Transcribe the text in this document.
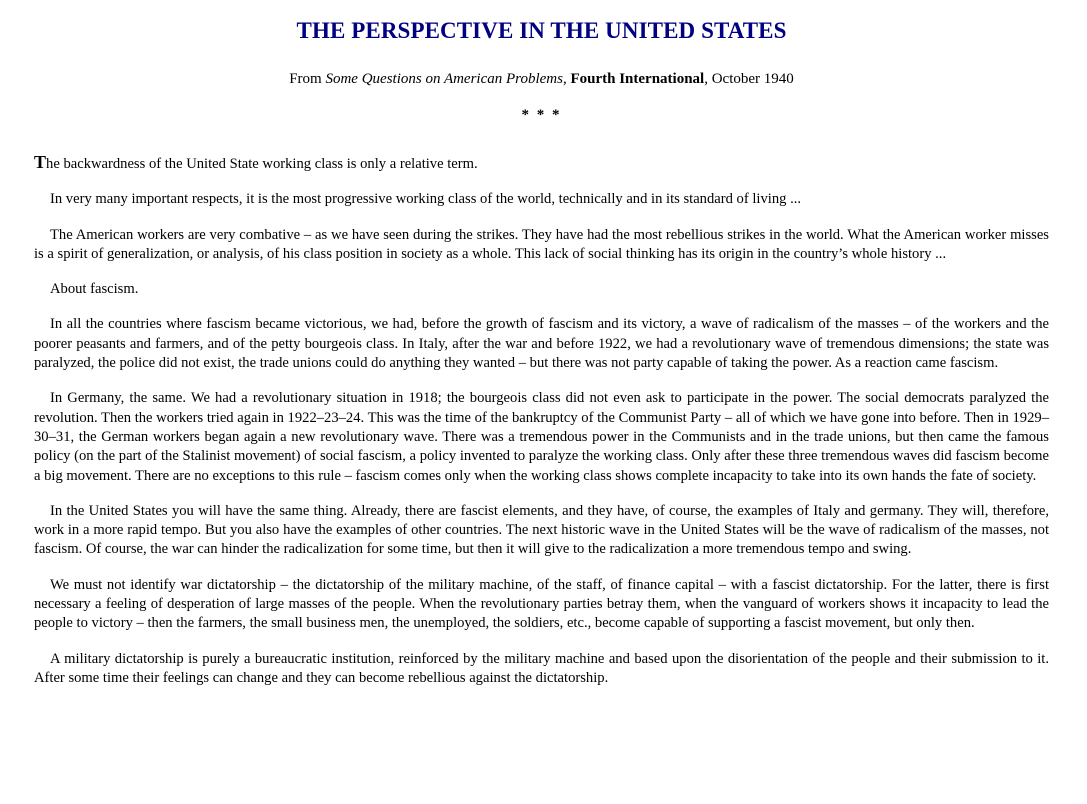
THE PERSPECTIVE IN THE UNITED STATES

From Some Questions on American Problems, Fourth International, October 1940

* * *

The backwardness of the United State working class is only a relative term.

In very many important respects, it is the most progressive working class of the world, technically and in its standard of living ...

The American workers are very combative – as we have seen during the strikes. They have had the most rebellious strikes in the world. What the American worker misses is a spirit of generalization, or analysis, of his class position in society as a whole. This lack of social thinking has its origin in the country’s whole history ...

About fascism.

In all the countries where fascism became victorious, we had, before the growth of fascism and its victory, a wave of radicalism of the masses – of the workers and the poorer peasants and farmers, and of the petty bourgeois class. In Italy, after the war and before 1922, we had a revolutionary wave of tremendous dimensions; the state was paralyzed, the police did not exist, the trade unions could do anything they wanted – but there was not party capable of taking the power. As a reaction came fascism.

In Germany, the same. We had a revolutionary situation in 1918; the bourgeois class did not even ask to participate in the power. The social democrats paralyzed the revolution. Then the workers tried again in 1922–23–24. This was the time of the bankruptcy of the Communist Party – all of which we have gone into before. Then in 1929–30–31, the German workers began again a new revolutionary wave. There was a tremendous power in the Communists and in the trade unions, but then came the famous policy (on the part of the Stalinist movement) of social fascism, a policy invented to paralyze the working class. Only after these three tremendous waves did fascism become a big movement. There are no exceptions to this rule – fascism comes only when the working class shows complete incapacity to take into its own hands the fate of society.

In the United States you will have the same thing. Already, there are fascist elements, and they have, of course, the examples of Italy and germany. They will, therefore, work in a more rapid tempo. But you also have the examples of other countries. The next historic wave in the United States will be the wave of radicalism of the masses, not fascism. Of course, the war can hinder the radicalization for some time, but then it will give to the radicalization a more tremendous tempo and swing.

We must not identify war dictatorship – the dictatorship of the military machine, of the staff, of finance capital – with a fascist dictatorship. For the latter, there is first necessary a feeling of desperation of large masses of the people. When the revolutionary parties betray them, when the vanguard of workers shows it incapacity to lead the people to victory – then the farmers, the small business men, the unemployed, the soldiers, etc., become capable of supporting a fascist movement, but only then.

A military dictatorship is purely a bureaucratic institution, reinforced by the military machine and based upon the disorientation of the people and their submission to it. After some time their feelings can change and they can become rebellious against the dictatorship.
